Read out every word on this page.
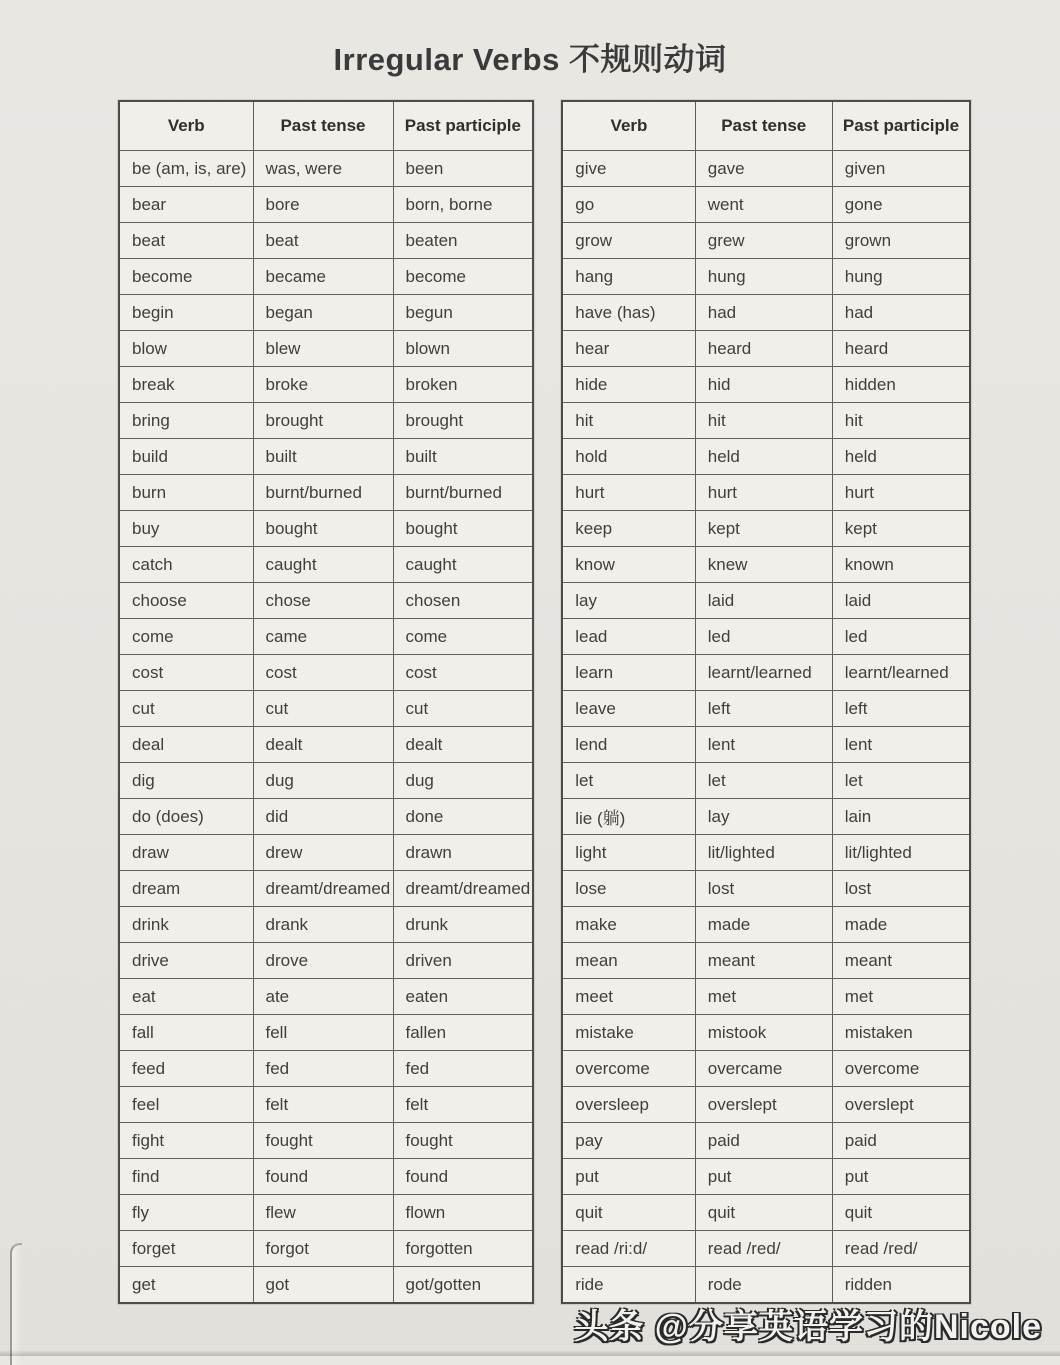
Irregular Verbs 不规则动词
Verb	Past tense	Past participle
be (am, is, are)	was, were	been
bear	bore	born, borne
beat	beat	beaten
become	became	become
begin	began	begun
blow	blew	blown
break	broke	broken
bring	brought	brought
build	built	built
burn	burnt/burned	burnt/burned
buy	bought	bought
catch	caught	caught
choose	chose	chosen
come	came	come
cost	cost	cost
cut	cut	cut
deal	dealt	dealt
dig	dug	dug
do (does)	did	done
draw	drew	drawn
dream	dreamt/dreamed	dreamt/dreamed
drink	drank	drunk
drive	drove	driven
eat	ate	eaten
fall	fell	fallen
feed	fed	fed
feel	felt	felt
fight	fought	fought
find	found	found
fly	flew	flown
forget	forgot	forgotten
get	got	got/gotten
Verb	Past tense	Past participle
give	gave	given
go	went	gone
grow	grew	grown
hang	hung	hung
have (has)	had	had
hear	heard	heard
hide	hid	hidden
hit	hit	hit
hold	held	held
hurt	hurt	hurt
keep	kept	kept
know	knew	known
lay	laid	laid
lead	led	led
learn	learnt/learned	learnt/learned
leave	left	left
lend	lent	lent
let	let	let
lie (躺)	lay	lain
light	lit/lighted	lit/lighted
lose	lost	lost
make	made	made
mean	meant	meant
meet	met	met
mistake	mistook	mistaken
overcome	overcame	overcome
oversleep	overslept	overslept
pay	paid	paid
put	put	put
quit	quit	quit
read /ri:d/	read /red/	read /red/
ride	rode	ridden
头条 @分享英语学习的Nicole
